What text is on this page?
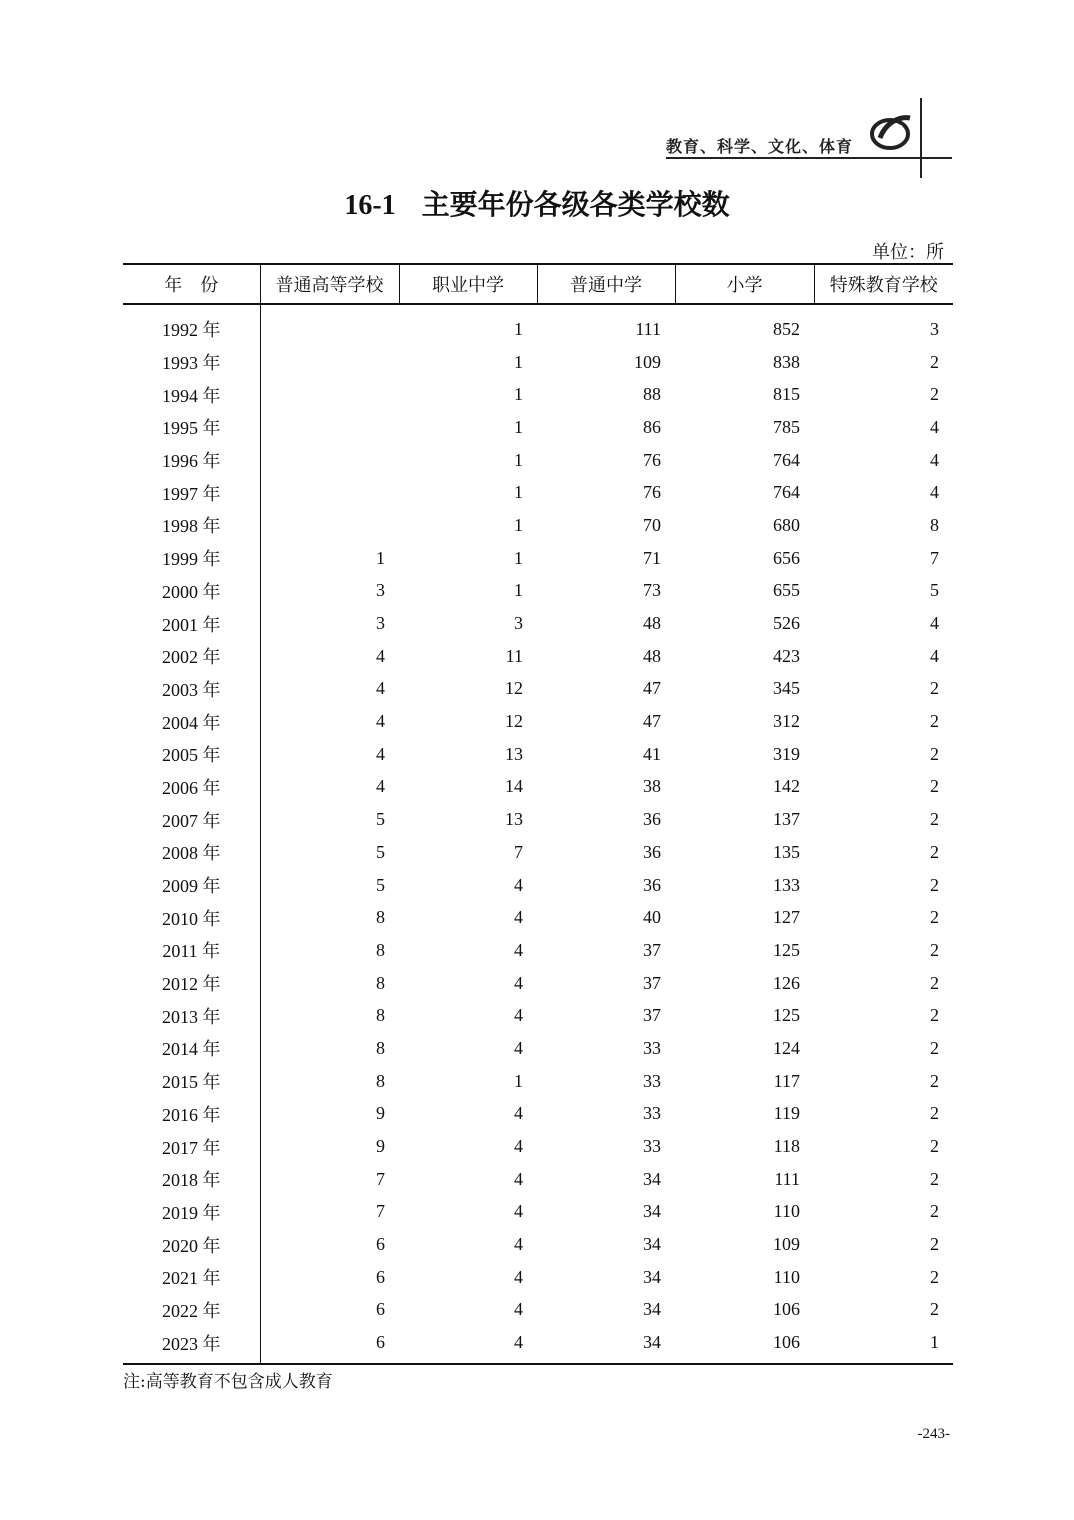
教育、科学、文化、体育
16-1 主要年份各级各类学校数
单位：所
年　份	普通高等学校	职业中学	普通中学	小学	特殊教育学校
1992 年		1	111	852	3
1993 年		1	109	838	2
1994 年		1	88	815	2
1995 年		1	86	785	4
1996 年		1	76	764	4
1997 年		1	76	764	4
1998 年		1	70	680	8
1999 年	1	1	71	656	7
2000 年	3	1	73	655	5
2001 年	3	3	48	526	4
2002 年	4	11	48	423	4
2003 年	4	12	47	345	2
2004 年	4	12	47	312	2
2005 年	4	13	41	319	2
2006 年	4	14	38	142	2
2007 年	5	13	36	137	2
2008 年	5	7	36	135	2
2009 年	5	4	36	133	2
2010 年	8	4	40	127	2
2011 年	8	4	37	125	2
2012 年	8	4	37	126	2
2013 年	8	4	37	125	2
2014 年	8	4	33	124	2
2015 年	8	1	33	117	2
2016 年	9	4	33	119	2
2017 年	9	4	33	118	2
2018 年	7	4	34	111	2
2019 年	7	4	34	110	2
2020 年	6	4	34	109	2
2021 年	6	4	34	110	2
2022 年	6	4	34	106	2
2023 年	6	4	34	106	1
注:高等教育不包含成人教育
-243-
